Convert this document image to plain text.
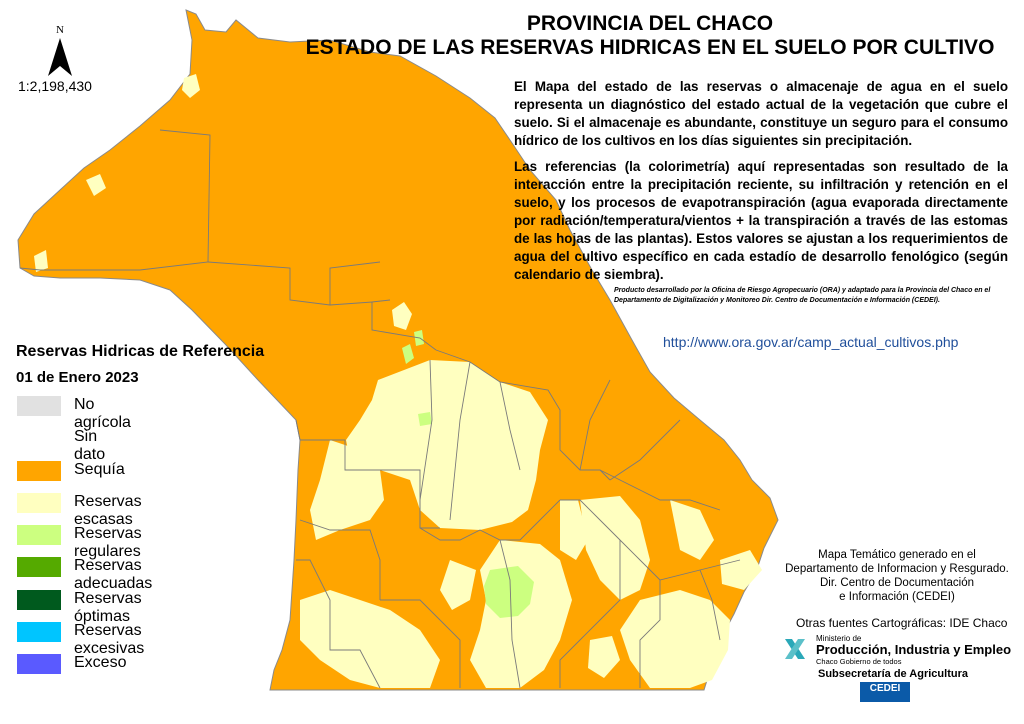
N
1:2,198,430
PROVINCIA DEL CHACO
ESTADO DE LAS RESERVAS HIDRICAS EN EL SUELO POR CULTIVO

El Mapa del estado de las reservas o almacenaje de agua en el suelo representa un diagnóstico del estado actual de la vegetación que cubre el suelo. Si el almacenaje es abundante, constituye un seguro para el consumo hídrico de los cultivos en los días siguientes sin precipitación.

Las referencias (la colorimetría) aquí representadas son resultado de la interacción entre la precipitación reciente, su infiltración y retención en el suelo, y los procesos de evapotranspiración (agua evaporada directamente por radiación/temperatura/vientos + la transpiración a través de las estomas de las hojas de las plantas). Estos valores se ajustan a los requerimientos de agua del cultivo específico en cada estadío de desarrollo fenológico (según calendario de siembra).

Producto desarrollado por la Oficina de Riesgo Agropecuario (ORA) y adaptado para la Provincia del Chaco en el Departamento de Digitalización y Monitoreo Dir. Centro de Documentación e Información (CEDEI).
http://www.ora.gov.ar/camp_actual_cultivos.php
Reservas Hidricas de Referencia
01 de Enero 2023
No agrícola
Sin dato
Sequía
Reservas escasas
Reservas regulares
Reservas adecuadas
Reservas óptimas
Reservas excesivas
Exceso
Mapa Temático generado en el
Departamento de Informacion y Resgurado.
Dir. Centro de Documentación
e Información (CEDEI)
Otras fuentes Cartográficas: IDE Chaco
Ministerio de
Producción, Industria y Empleo
Chaco Gobierno de todos
Subsecretaría de Agricultura
CEDEI
